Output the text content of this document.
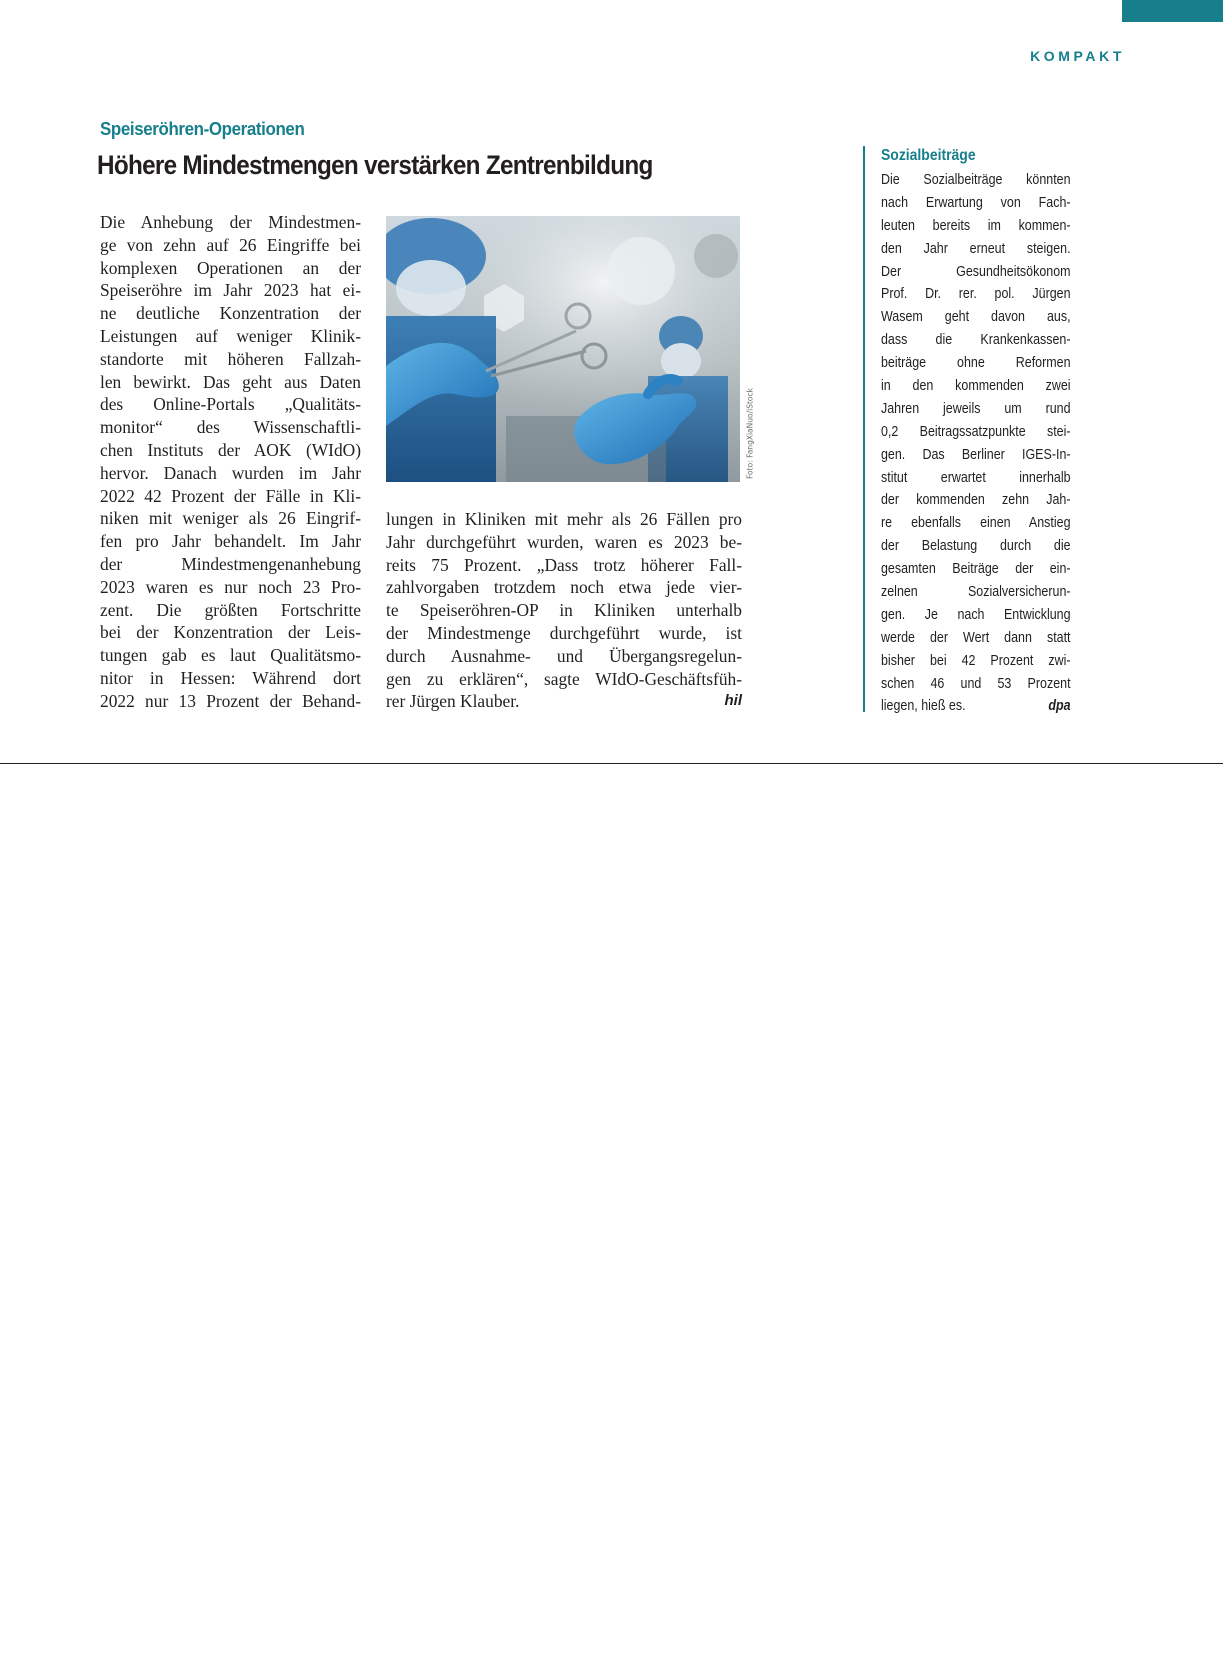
KOMPAKT
Speiseröhren-Operationen
Höhere Mindestmengen verstärken Zentrenbildung
Die Anhebung der Mindestmen-
ge von zehn auf 26 Eingriffe bei
komplexen Operationen an der
Speiseröhre im Jahr 2023 hat ei-
ne deutliche Konzentration der
Leistungen auf weniger Klinik-
standorte mit höheren Fallzah-
len bewirkt. Das geht aus Daten
des Online-Portals „Qualitäts-
monitor“ des Wissenschaftli-
chen Instituts der AOK (WIdO)
hervor. Danach wurden im Jahr
2022 42 Prozent der Fälle in Kli-
niken mit weniger als 26 Eingrif-
fen pro Jahr behandelt. Im Jahr
der Mindestmengenanhebung
2023 waren es nur noch 23 Pro-
zent. Die größten Fortschritte
bei der Konzentration der Leis-
tungen gab es laut Qualitätsmo-
nitor in Hessen: Während dort
2022 nur 13 Prozent der Behand-
Foto: FangXiaNuo/iStock
lungen in Kliniken mit mehr als 26 Fällen pro
Jahr durchgeführt wurden, waren es 2023 be-
reits 75 Prozent. „Dass trotz höherer Fall-
zahlvorgaben trotzdem noch etwa jede vier-
te Speiseröhren-OP in Kliniken unterhalb
der Mindestmenge durchgeführt wurde, ist
durch Ausnahme- und Übergangsregelun-
gen zu erklären“, sagte WIdO-Geschäftsfüh-
rer Jürgen Klauber.	hil
Sozialbeiträge
Die Sozialbeiträge könnten
nach Erwartung von Fach-
leuten bereits im kommen-
den Jahr erneut steigen.
Der Gesundheitsökonom
Prof. Dr. rer. pol. Jürgen
Wasem geht davon aus,
dass die Krankenkassen-
beiträge ohne Reformen
in den kommenden zwei
Jahren jeweils um rund
0,2 Beitragssatzpunkte stei-
gen. Das Berliner IGES-In-
stitut erwartet innerhalb
der kommenden zehn Jah-
re ebenfalls einen Anstieg
der Belastung durch die
gesamten Beiträge der ein-
zelnen Sozialversicherun-
gen. Je nach Entwicklung
werde der Wert dann statt
bisher bei 42 Prozent zwi-
schen 46 und 53 Prozent
liegen, hieß es.	dpa
